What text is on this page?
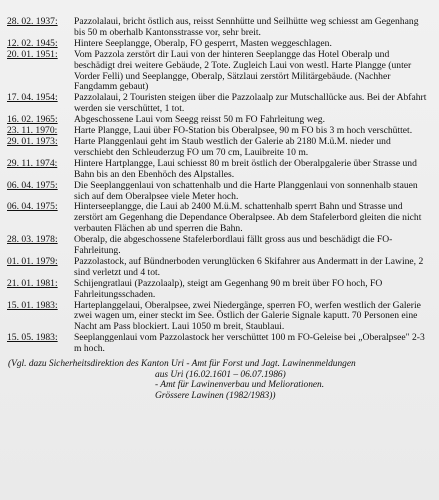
28. 02. 1937:	Pazzolalaui, bricht östlich aus, reisst Sennhütte und Seilhütte weg schiesst am Gegenhang bis 50 m oberhalb Kantonsstrasse vor, sehr breit.
12. 02. 1945:	Hintere Seeplangge, Oberalp, FO gesperrt, Masten weggeschlagen.
20. 01. 1951:	Vom Pazzola zerstört dir Laui von der hinteren Seeplangge das Hotel Oberalp und beschädigt drei weitere Gebäude, 2 Tote. Zugleich Laui von westl. Harte Plangge (unter Vorder Felli) und Seeplangge, Oberalp, Sätzlaui zerstört Militärgebäude. (Nachher Fangdamm gebaut)
17. 04. 1954:	Pazzolalaui, 2 Touristen steigen über die Pazzolaalp zur Mutschallücke aus. Bei der Abfahrt werden sie verschüttet, 1 tot.
16. 02. 1965:	Abgeschossene Laui vom Seegg reisst 50 m FO Fahrleitung weg.
23. 11. 1970:	Harte Plangge, Laui über FO-Station bis Oberalpsee, 90 m FO bis 3 m hoch verschüttet.
29. 01. 1973:	Harte Planggenlaui geht im Staub westlich der Galerie ab 2180 M.ü.M. nieder und verschiebt den Schleuderzug FO um 70 cm, Lauibreite 10 m.
29. 11. 1974:	Hintere Hartplangge, Laui schiesst 80 m breit östlich der Oberalpgalerie über Strasse und Bahn bis an den Ebenhöch des Alpstalles.
06. 04. 1975:	Die Seeplanggenlaui von schattenhalb und die Harte Planggenlaui von sonnenhalb stauen sich auf dem Oberalpsee viele Meter hoch.
06. 04. 1975:	Hinterseeplangge, die Laui ab 2400 M.ü.M. schattenhalb sperrt Bahn und Strasse und zerstört am Gegenhang die Dependance Oberalpsee. Ab dem Stafelerbord gleiten die nicht verbauten Flächen ab und sperren die Bahn.
28. 03. 1978:	Oberalp, die abgeschossene Stafelerbordlaui fällt gross aus und beschädigt die FO-Fahrleitung.
01. 01. 1979:	Pazzolastock, auf Bündnerboden verunglücken 6 Skifahrer aus Andermatt in der Lawine, 2 sind verletzt und 4 tot.
21. 01. 1981:	Schijengratlaui (Pazzolaalp), steigt am Gegenhang 90 m breit über FO hoch, FO Fahrleitungsschaden.
15. 01. 1983:	Harteplanggelaui, Oberalpsee, zwei Niedergänge, sperren FO, werfen westlich der Galerie zwei wagen um, einer steckt im See. Östlich der Galerie Signale kaputt. 70 Personen eine Nacht am Pass blockiert. Laui 1050 m breit, Staublaui.
15. 05. 1983:	Seeplanggenlaui vom Pazzolastock her verschüttet 100 m FO-Geleise bei „Oberalpsee" 2-3 m hoch.
(Vgl. dazu Sicherheitsdirektion des Kanton Uri - Amt für Forst und Jagt. Lawinenmeldungen
aus Uri (16.02.1601 – 06.07.1986)
- Amt für Lawinenverbau und Meliorationen.
Grössere Lawinen (1982/1983))
